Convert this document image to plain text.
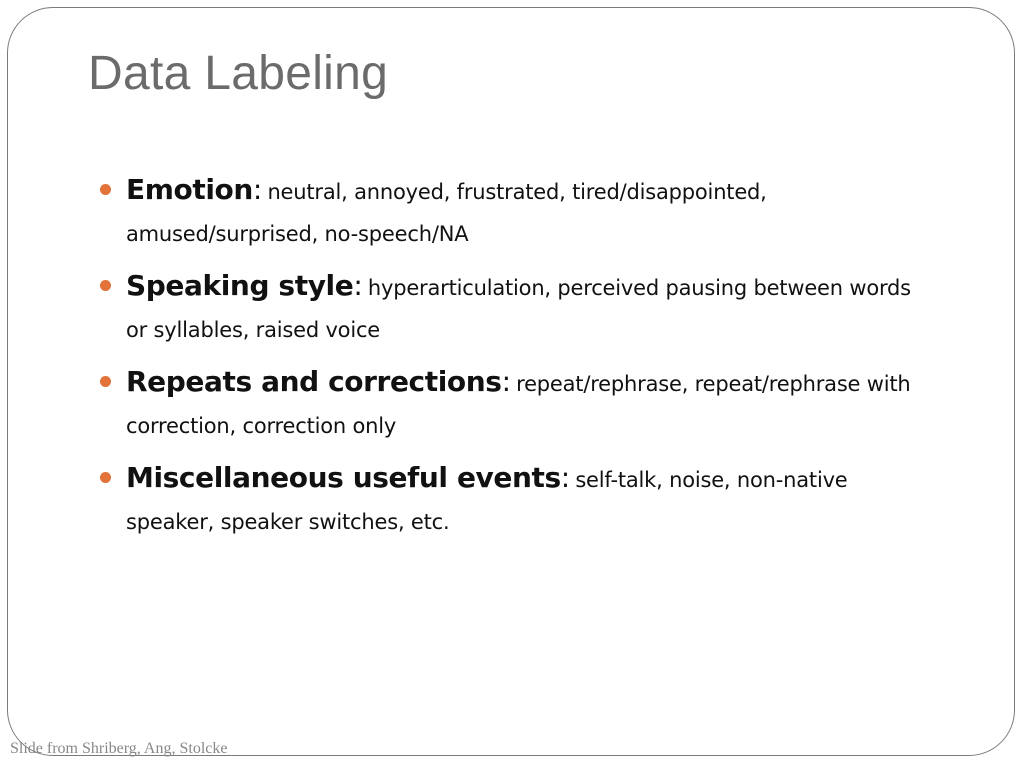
Data Labeling
Emotion: neutral, annoyed, frustrated, tired/disappointed, amused/surprised, no-speech/NA
Speaking style: hyperarticulation, perceived pausing between words or syllables, raised voice
Repeats and corrections: repeat/rephrase, repeat/rephrase with correction, correction only
Miscellaneous useful events: self-talk, noise, non-native speaker, speaker switches, etc.
Slide from Shriberg, Ang, Stolcke
